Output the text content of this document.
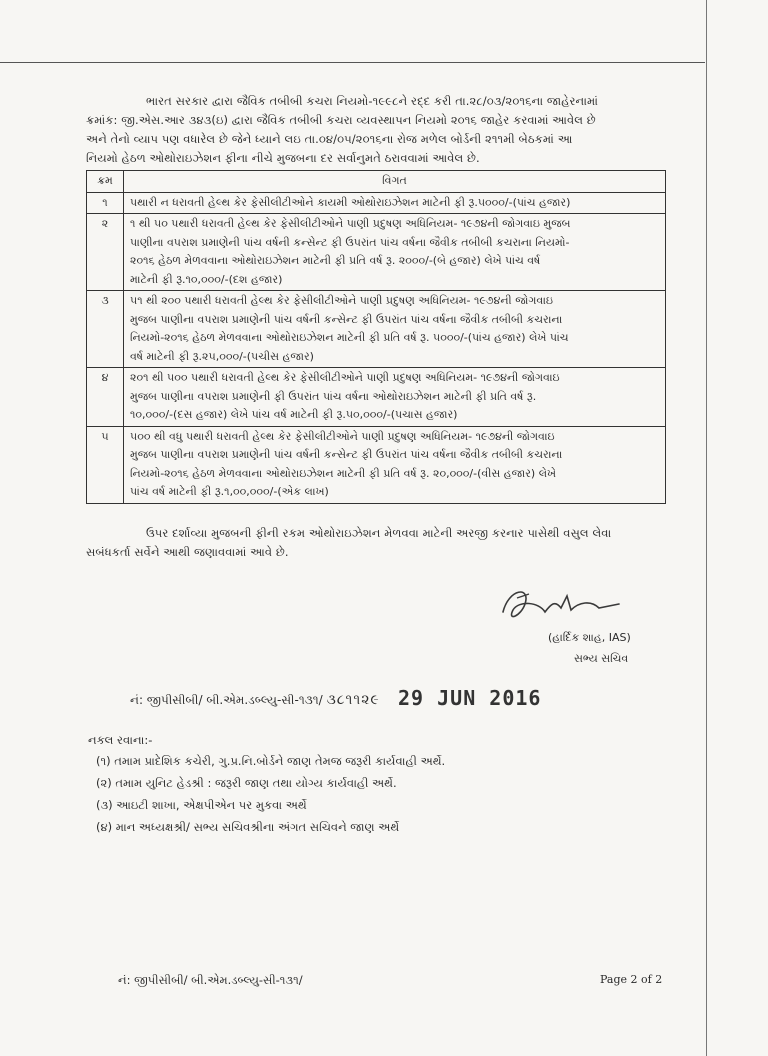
ભારત સરકાર દ્વારા જૈવિક તબીબી કચરા નિયમો-૧૯૯૮ને રદ્દ કરી તા.૨૮/૦૩/૨૦૧૬ના જાહેરનામાં

ક્રમાંક: જી.એસ.આર ૩૪૩(ઇ) દ્વારા જૈવિક તબીબી કચરા વ્યવસ્થાપન નિયમો ૨૦૧૬ જાહેર કરવામાં આવેલ છે

અને તેનો વ્યાપ પણ વધારેલ છે જેને ધ્યાને લઇ તા.૦૪/૦૫/૨૦૧૬ના રોજ મળેલ બોર્ડની ૨૧૧મી બેઠકમાં આ

નિયમો હેઠળ ઓથોરાઇઝેશન ફીના નીચે મુજબના દર સર્વાનુમતે ઠરાવવામાં આવેલ છે.

ક્રમ	વિગત
૧	પથારી ન ધરાવતી હેલ્થ કેર ફેસીલીટીઓને કાયમી ઓથોરાઇઝેશન માટેની ફી રૂ.૫૦૦૦/-(પાંચ હજાર)

૨	૧ થી ૫૦ પથારી ધરાવતી હેલ્થ કેર ફેસીલીટીઓને પાણી પ્રદુષણ અધિનિયમ- ૧૯૭૪ની જોગવાઇ મુજબ
પાણીના વપરાશ પ્રમાણેની પાંચ વર્ષની કન્સેન્ટ ફી ઉપરાંત પાંચ વર્ષના જૈવીક તબીબી કચરાના નિયમો-
૨૦૧૬ હેઠળ મેળવવાના ઓથોરાઇઝેશન માટેની ફી પ્રતિ વર્ષ રૂ. ૨૦૦૦/-(બે હજાર) લેખે પાંચ વર્ષ
માટેની ફી રૂ.૧૦,૦૦૦/-(દશ હજાર)

૩	૫૧ થી ૨૦૦ પથારી ધરાવતી હેલ્થ કેર ફેસીલીટીઓને પાણી પ્રદુષણ અધિનિયમ- ૧૯૭૪ની જોગવાઇ
મુજબ પાણીના વપરાશ પ્રમાણેની પાંચ વર્ષની કન્સેન્ટ ફી ઉપરાંત પાંચ વર્ષના જૈવીક તબીબી કચરાના
નિયમો-૨૦૧૬ હેઠળ મેળવવાના ઓથોરાઇઝેશન માટેની ફી પ્રતિ વર્ષ રૂ. ૫૦૦૦/-(પાંચ હજાર) લેખે પાંચ
વર્ષ માટેની ફી રૂ.૨૫,૦૦૦/-(પચીસ હજાર)

૪	૨૦૧ થી ૫૦૦ પથારી ધરાવતી હેલ્થ કેર ફેસીલીટીઓને પાણી પ્રદુષણ અધિનિયમ- ૧૯૭૪ની જોગવાઇ
મુજબ પાણીના વપરાશ પ્રમાણેની ફી ઉપરાંત પાંચ વર્ષના ઓથોરાઇઝેશન માટેની ફી પ્રતિ વર્ષ રૂ.
૧૦,૦૦૦/-(દસ હજાર) લેખે પાંચ વર્ષ માટેની ફી રૂ.૫૦,૦૦૦/-(પચાસ હજાર)

૫	૫૦૦ થી વધુ પથારી ધરાવતી હેલ્થ કેર ફેસીલીટીઓને પાણી પ્રદુષણ અધિનિયમ- ૧૯૭૪ની જોગવાઇ
મુજબ પાણીના વપરાશ પ્રમાણેની પાંચ વર્ષની કન્સેન્ટ ફી ઉપરાંત પાંચ વર્ષના જૈવીક તબીબી કચરાના
નિયમો-૨૦૧૬ હેઠળ મેળવવાના ઓથોરાઇઝેશન માટેની ફી પ્રતિ વર્ષ રૂ. ૨૦,૦૦૦/-(વીસ હજાર) લેખે
પાંચ વર્ષ માટેની ફી રૂ.૧,૦૦,૦૦૦/-(એક લાખ)

ઉપર દર્શાવ્યા મુજબની ફીની રકમ ઓથોરાઇઝેશન મેળવવા માટેની અરજી કરનાર પાસેથી વસુલ લેવા

સબંધકર્તા સર્વેને આથી જણાવવામાં આવે છે.

(હાર્દિક શાહ, IAS)
સભ્ય સચિવ
નં: જીપીસીબી/ બી.એમ.ડબ્લ્યુ-સી-૧૩૧/ ૩૮૧૧૨૯ 29 JUN 2016
નકલ રવાના:-
(૧) તમામ પ્રાદેશિક કચેરી, ગુ.પ્ર.નિ.બોર્ડને જાણ તેમજ જરૂરી કાર્યવાહી અર્થે.
(૨) તમામ યુનિટ હેડશ્રી : જરૂરી જાણ તથા યોગ્ય કાર્યવાહી અર્થે.
(૩) આઇટી શાખા, એક્ષપીએન પર મુકવા અર્થે
(૪) માન અધ્યક્ષશ્રી/ સભ્ય સચિવશ્રીના અંગત સચિવને જાણ અર્થે
નં: જીપીસીબી/ બી.એમ.ડબ્લ્યુ-સી-૧૩૧/	Page 2 of 2
